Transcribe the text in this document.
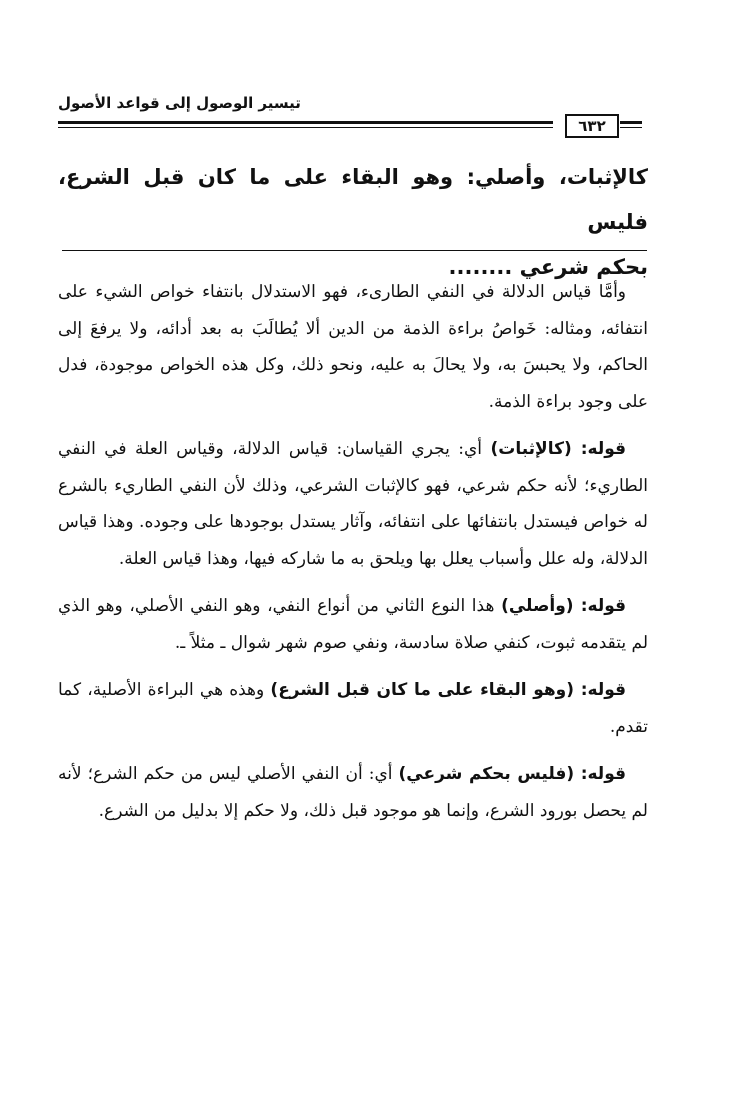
تيسير الوصول إلى قواعد الأصول
٦٣٢
كالإثبات، وأصلي: وهو البقاء على ما كان قبل الشرع، فليس
بحكم شرعي ........

وأمَّا قياس الدلالة في النفي الطارىء، فهو الاستدلال بانتفاء خواص الشيء على انتفائه، ومثاله: خَواصُ براءة الذمة من الدين ألا يُطالَبَ به بعد أدائه، ولا يرفعَ إلى الحاكم، ولا يحبسَ به، ولا يحالَ به عليه، ونحو ذلك، وكل هذه الخواص موجودة، فدل على وجود براءة الذمة.

قوله: (كالإثبات) أي: يجري القياسان: قياس الدلالة، وقياس العلة في النفي الطاريء؛ لأنه حكم شرعي، فهو كالإثبات الشرعي، وذلك لأن النفي الطاريء بالشرع له خواص فيستدل بانتفائها على انتفائه، وآثار يستدل بوجودها على وجوده. وهذا قياس الدلالة، وله علل وأسباب يعلل بها ويلحق به ما شاركه فيها، وهذا قياس العلة.

قوله: (وأصلي) هذا النوع الثاني من أنواع النفي، وهو النفي الأصلي، وهو الذي لم يتقدمه ثبوت، كنفي صلاة سادسة، ونفي صوم شهر شوال ـ مثلاً ـ.

قوله: (وهو البقاء على ما كان قبل الشرع) وهذه هي البراءة الأصلية، كما تقدم.

قوله: (فليس بحكم شرعي) أي: أن النفي الأصلي ليس من حكم الشرع؛ لأنه لم يحصل بورود الشرع، وإنما هو موجود قبل ذلك، ولا حكم إلا بدليل من الشرع.
